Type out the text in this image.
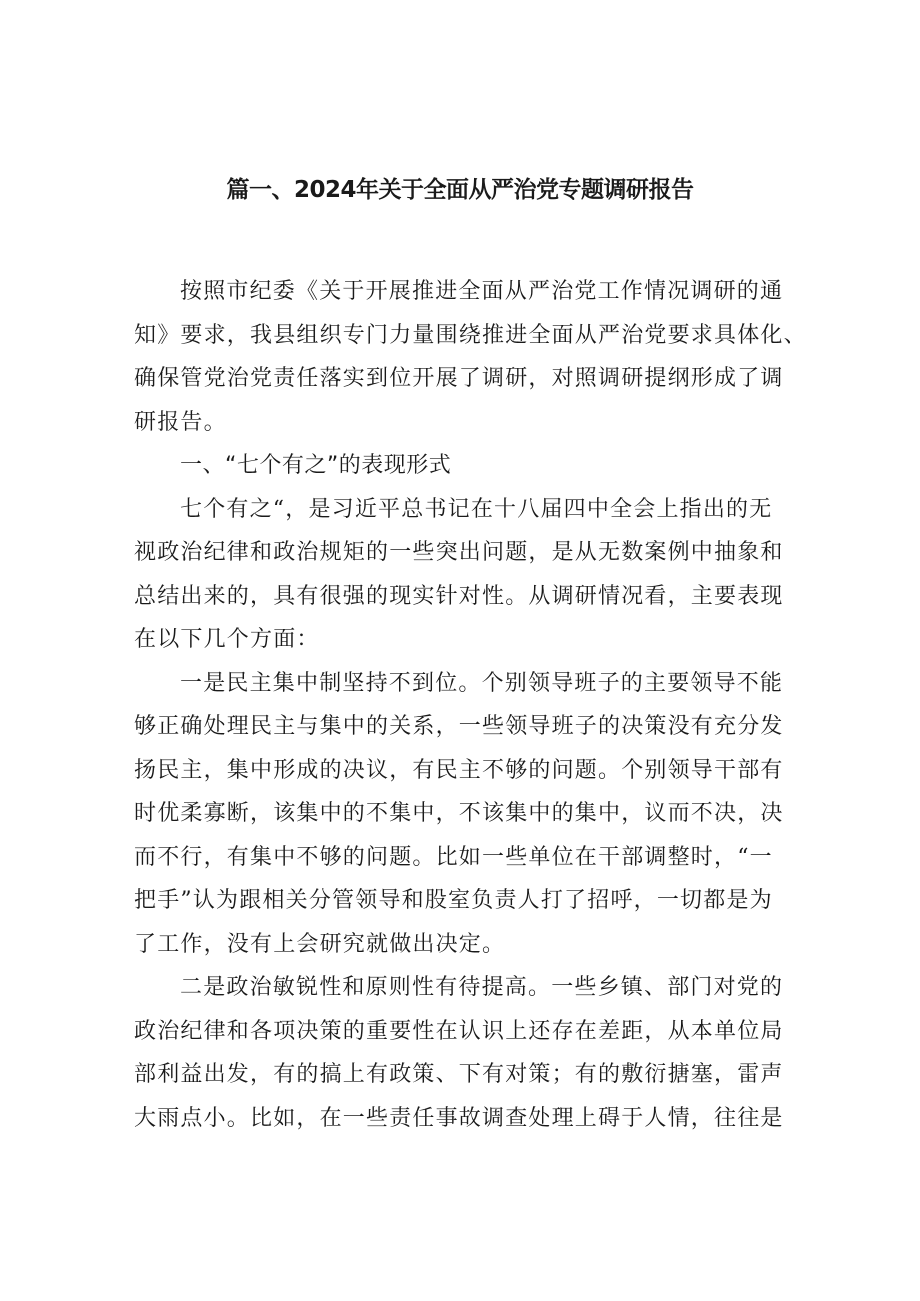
篇一、2024年关于全面从严治党专题调研报告
按照市纪委《关于开展推进全面从严治党工作情况调研的通
知》要求，我县组织专门力量围绕推进全面从严治党要求具体化、
确保管党治党责任落实到位开展了调研，对照调研提纲形成了调
研报告。
一、“七个有之”的表现形式
七个有之“，是习近平总书记在十八届四中全会上指出的无
视政治纪律和政治规矩的一些突出问题，是从无数案例中抽象和
总结出来的，具有很强的现实针对性。从调研情况看，主要表现
在以下几个方面：
一是民主集中制坚持不到位。个别领导班子的主要领导不能
够正确处理民主与集中的关系，一些领导班子的决策没有充分发
扬民主，集中形成的决议，有民主不够的问题。个别领导干部有
时优柔寡断，该集中的不集中，不该集中的集中，议而不决，决
而不行，有集中不够的问题。比如一些单位在干部调整时，“一
把手”认为跟相关分管领导和股室负责人打了招呼，一切都是为
了工作，没有上会研究就做出决定。
二是政治敏锐性和原则性有待提高。一些乡镇、部门对党的
政治纪律和各项决策的重要性在认识上还存在差距，从本单位局
部利益出发，有的搞上有政策、下有对策；有的敷衍搪塞，雷声
大雨点小。比如，在一些责任事故调查处理上碍于人情，往往是
